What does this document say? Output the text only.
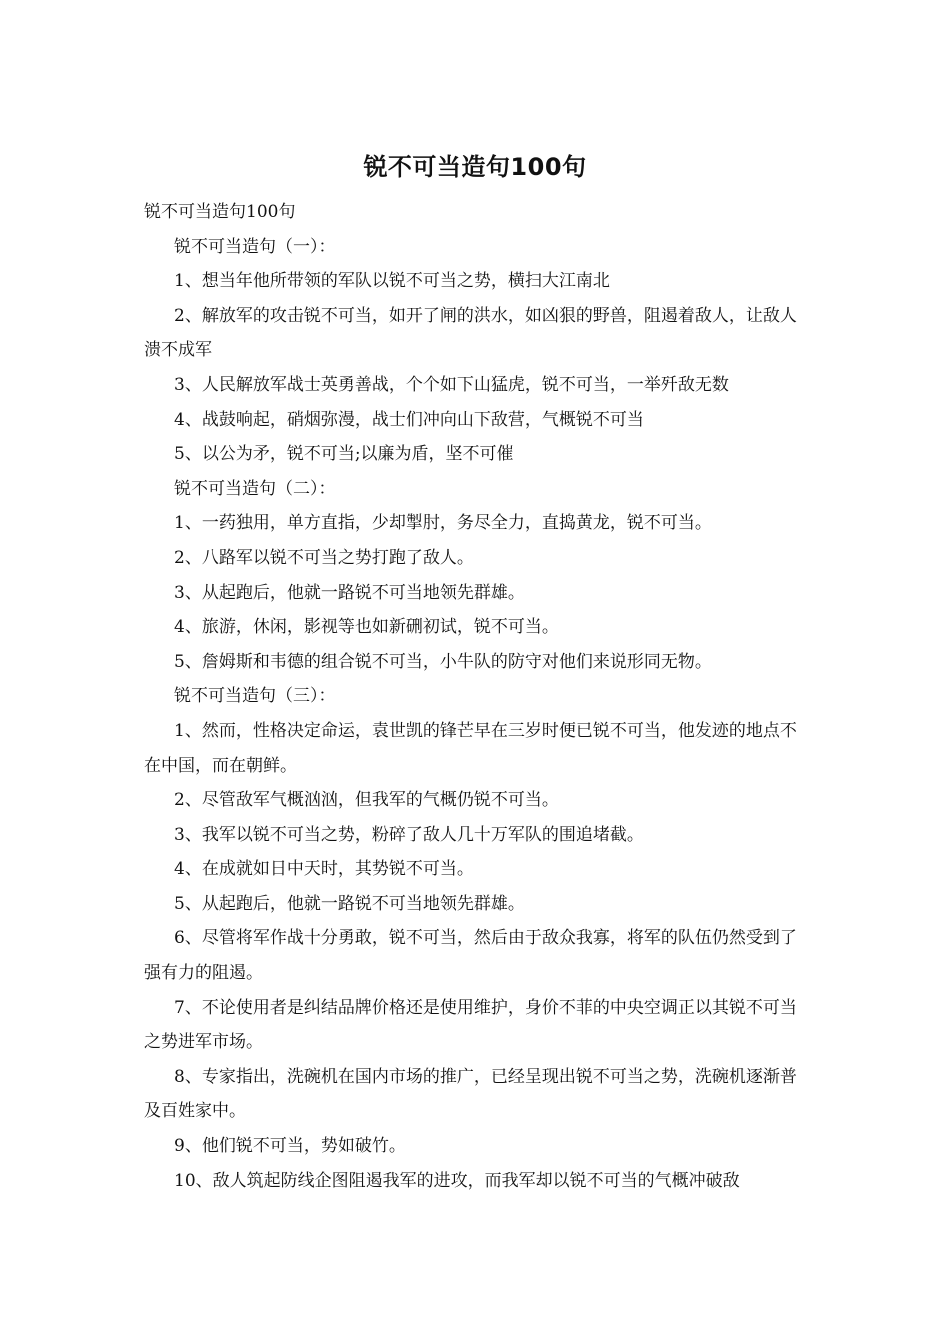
锐不可当造句100句

锐不可当造句100句

锐不可当造句（一）：

1、想当年他所带领的军队以锐不可当之势，横扫大江南北

2、解放军的攻击锐不可当，如开了闸的洪水，如凶狠的野兽，阻遏着敌人，让敌人溃不成军

3、人民解放军战士英勇善战，个个如下山猛虎，锐不可当，一举歼敌无数

4、战鼓响起，硝烟弥漫，战士们冲向山下敌营，气概锐不可当

5、以公为矛，锐不可当;以廉为盾，坚不可催

锐不可当造句（二）：

1、一药独用，单方直指，少却掣肘，务尽全力，直捣黄龙，锐不可当。

2、八路军以锐不可当之势打跑了敌人。

3、从起跑后，他就一路锐不可当地领先群雄。

4、旅游，休闲，影视等也如新硎初试，锐不可当。

5、詹姆斯和韦德的组合锐不可当，小牛队的防守对他们来说形同无物。

锐不可当造句（三）：

1、然而，性格决定命运，袁世凯的锋芒早在三岁时便已锐不可当，他发迹的地点不在中国，而在朝鲜。

2、尽管敌军气概汹汹，但我军的气概仍锐不可当。

3、我军以锐不可当之势，粉碎了敌人几十万军队的围追堵截。

4、在成就如日中天时，其势锐不可当。

5、从起跑后，他就一路锐不可当地领先群雄。

6、尽管将军作战十分勇敢，锐不可当，然后由于敌众我寡，将军的队伍仍然受到了强有力的阻遏。

7、不论使用者是纠结品牌价格还是使用维护，身价不菲的中央空调正以其锐不可当之势进军市场。

8、专家指出，洗碗机在国内市场的推广，已经呈现出锐不可当之势，洗碗机逐渐普及百姓家中。

9、他们锐不可当，势如破竹。

10、敌人筑起防线企图阻遏我军的进攻，而我军却以锐不可当的气概冲破敌
